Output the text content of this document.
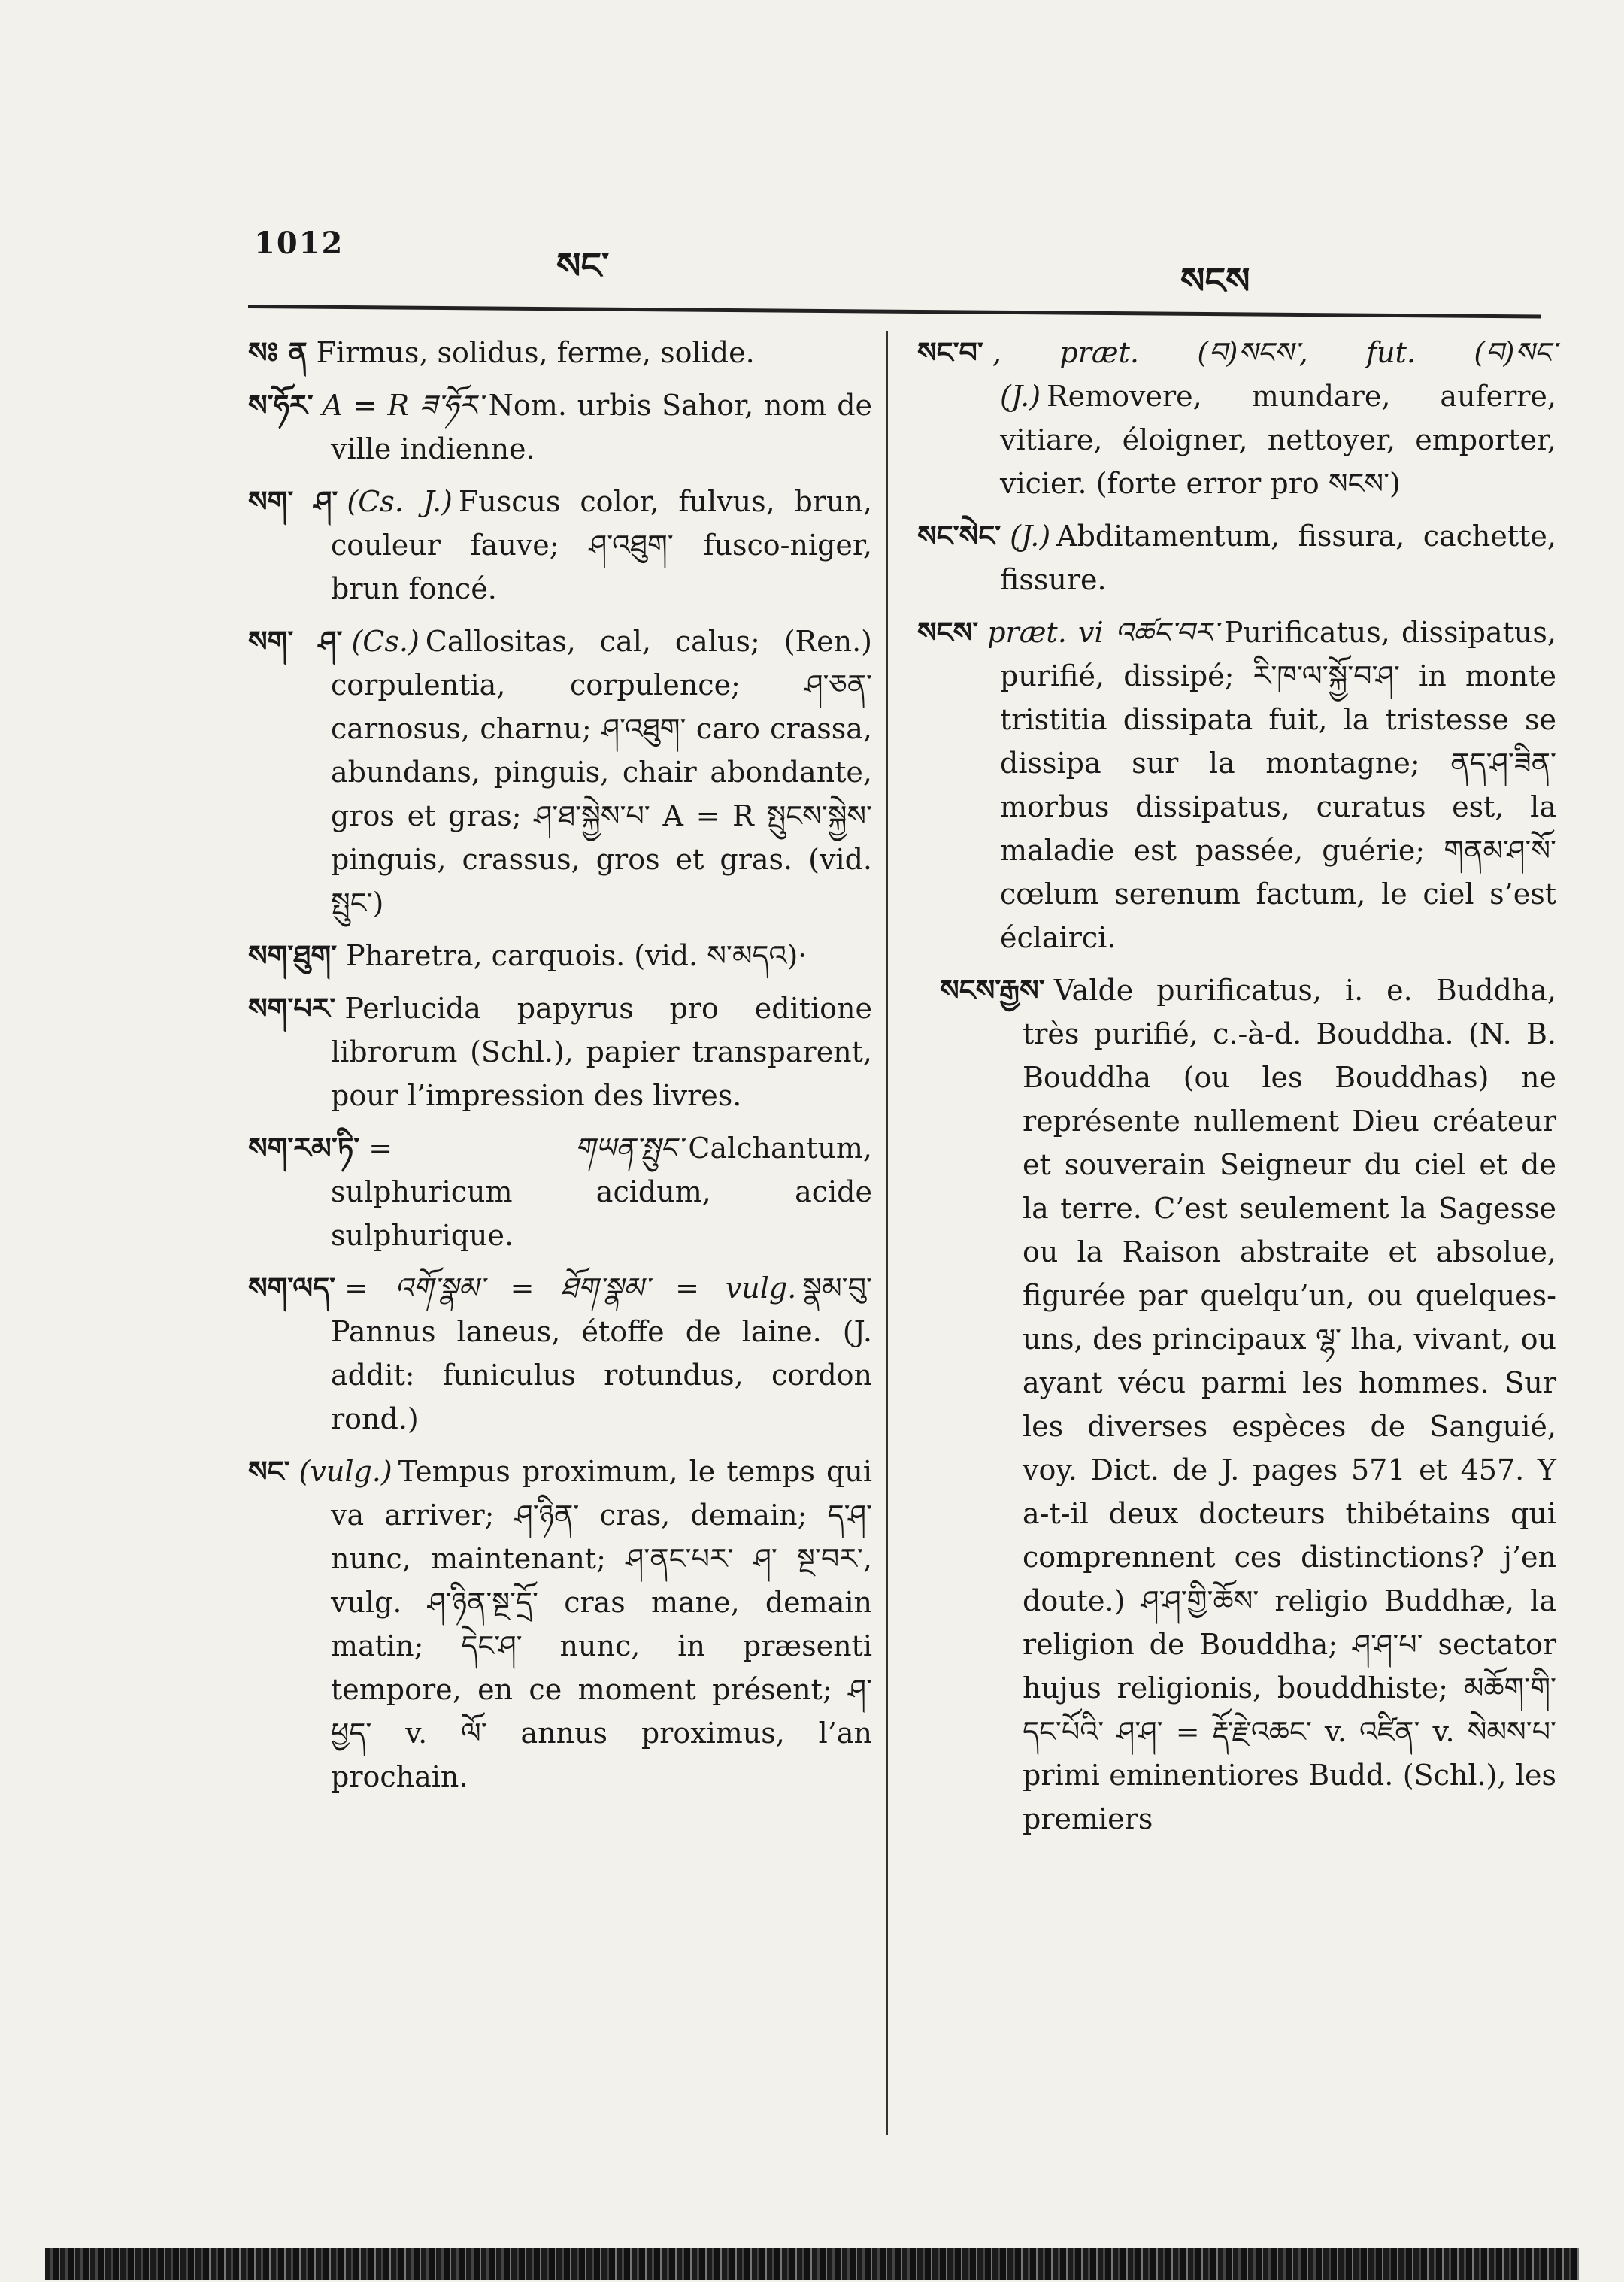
1012
སང་	སངས

སཿ ན Firmus, solidus, ferme, solide.

ས་ཧོར་ A = R ཟ་ཧོར་ Nom. urbis Sahor, nom de ville indienne.

སག་ ཤ་ (Cs. J.) Fuscus color, fulvus, brun, couleur fauve; ཤ་འཐུག་ fusco-niger, brun foncé.

སག་ ཤ་ (Cs.) Callositas, cal, calus; (Ren.) corpulentia, corpulence; ཤ་ཅན་ carnosus, charnu; ཤ་འཐུག་ caro crassa, abundans, pinguis, chair abondante, gros et gras; ཤ་ཐ་སྐྱེས་པ་ A = R སྤུངས་སྐྱེས་ pinguis, crassus, gros et gras. (vid. སྤུང་)

སག་ཐུག་ Pharetra, carquois. (vid. ས་མདའ)·

སག་པར་ Perlucida papyrus pro editione librorum (Schl.), papier transparent, pour l’impression des livres.

སག་རམ་ཏི་ = གཡན་སྤུང་ Calchantum, sulphuricum acidum, acide sulphurique.

སག་ལད་ = འགོ་སྣམ་ = ཐོག་སྣམ་ = vulg. སྣམ་བུ་ Pannus laneus, étoffe de laine. (J. addit: funiculus rotundus, cordon rond.)

སང་ (vulg.) Tempus proximum, le temps qui va arriver; ཤ་ཉིན་ cras, demain; ད་ཤ་ nunc, maintenant; ཤ་ནང་པར་ ཤ་ སྔ་བར་, vulg. ཤ་ཉིན་སྔ་དྲོ་ cras mane, demain matin; དེང་ཤ་ nunc, in præsenti tempore, en ce moment présent; ཤ་ཕྱད་ v. ལོ་ annus proximus, l’an prochain.

སང་བ་ , præt. (བ)སངས་, fut. (བ)སང་ (J.) Removere, mundare, auferre, vitiare, éloigner, nettoyer, emporter, vicier. (forte error pro སངས་)

སང་སེང་ (J.) Abditamentum, fissura, cachette, fissure.

སངས་ præt. vi འཚང་བར་ Purificatus, dissipatus, purifié, dissipé; རི་ཁ་ལ་སྐྱོ་བ་ཤ་ in monte tristitia dissipata fuit, la tristesse se dissipa sur la montagne; ནད་ཤ་ཟིན་ morbus dissipatus, curatus est, la maladie est passée, guérie; གནམ་ཤ་སོ་ cœlum serenum factum, le ciel s’est éclairci.

སངས་རྒྱས་ Valde purificatus, i. e. Buddha, très purifié, c.-à-d. Bouddha. (N. B. Bouddha (ou les Bouddhas) ne représente nullement Dieu créateur et souverain Seigneur du ciel et de la terre. C’est seulement la Sagesse ou la Raison abstraite et absolue, figurée par quelqu’un, ou quelques-uns, des principaux ལྷ་ lha, vivant, ou ayant vécu parmi les hommes. Sur les diverses espèces de Sanguié, voy. Dict. de J. pages 571 et 457. Y a-t-il deux docteurs thibétains qui comprennent ces distinctions? j’en doute.) ཤ་ཤ་གྱི་ཆོས་ religio Buddhæ, la religion de Bouddha; ཤ་ཤ་པ་ sectator hujus religionis, bouddhiste; མཆོག་གི་དང་པོའི་ ཤ་ཤ་ = རྡོ་རྗེ་འཆང་ v. འཛིན་ v. སེམས་པ་ primi eminentiores Budd. (Schl.), les premiers
